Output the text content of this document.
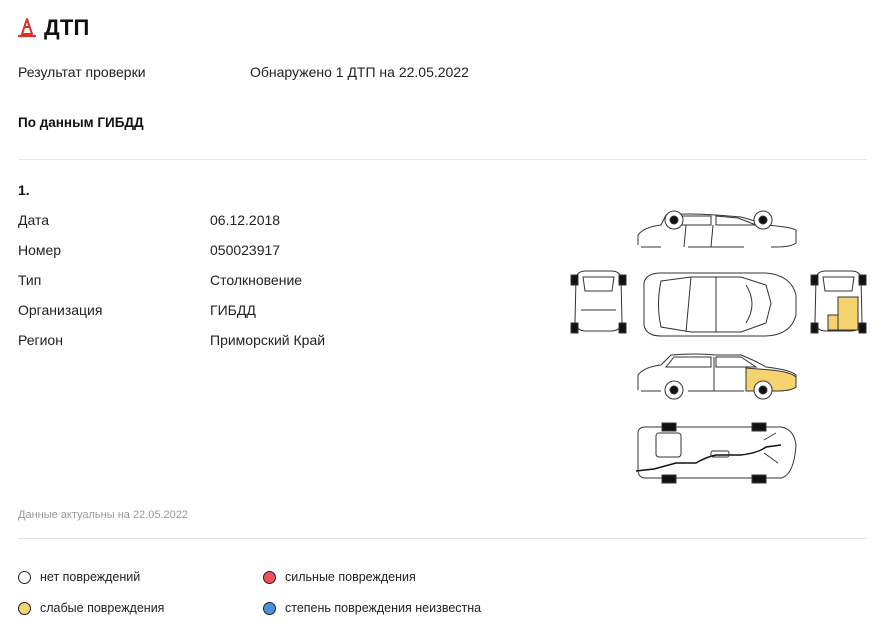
ДТП
Результат проверки	Обнаружено 1 ДТП на 22.05.2022
По данным ГИБДД
1.
Дата	06.12.2018
Номер	050023917
Тип	Столкновение
Организация	ГИБДД
Регион	Приморский Край
Данные актуальны на 22.05.2022
нет повреждений	сильные повреждения
слабые повреждения	степень повреждения неизвестна
